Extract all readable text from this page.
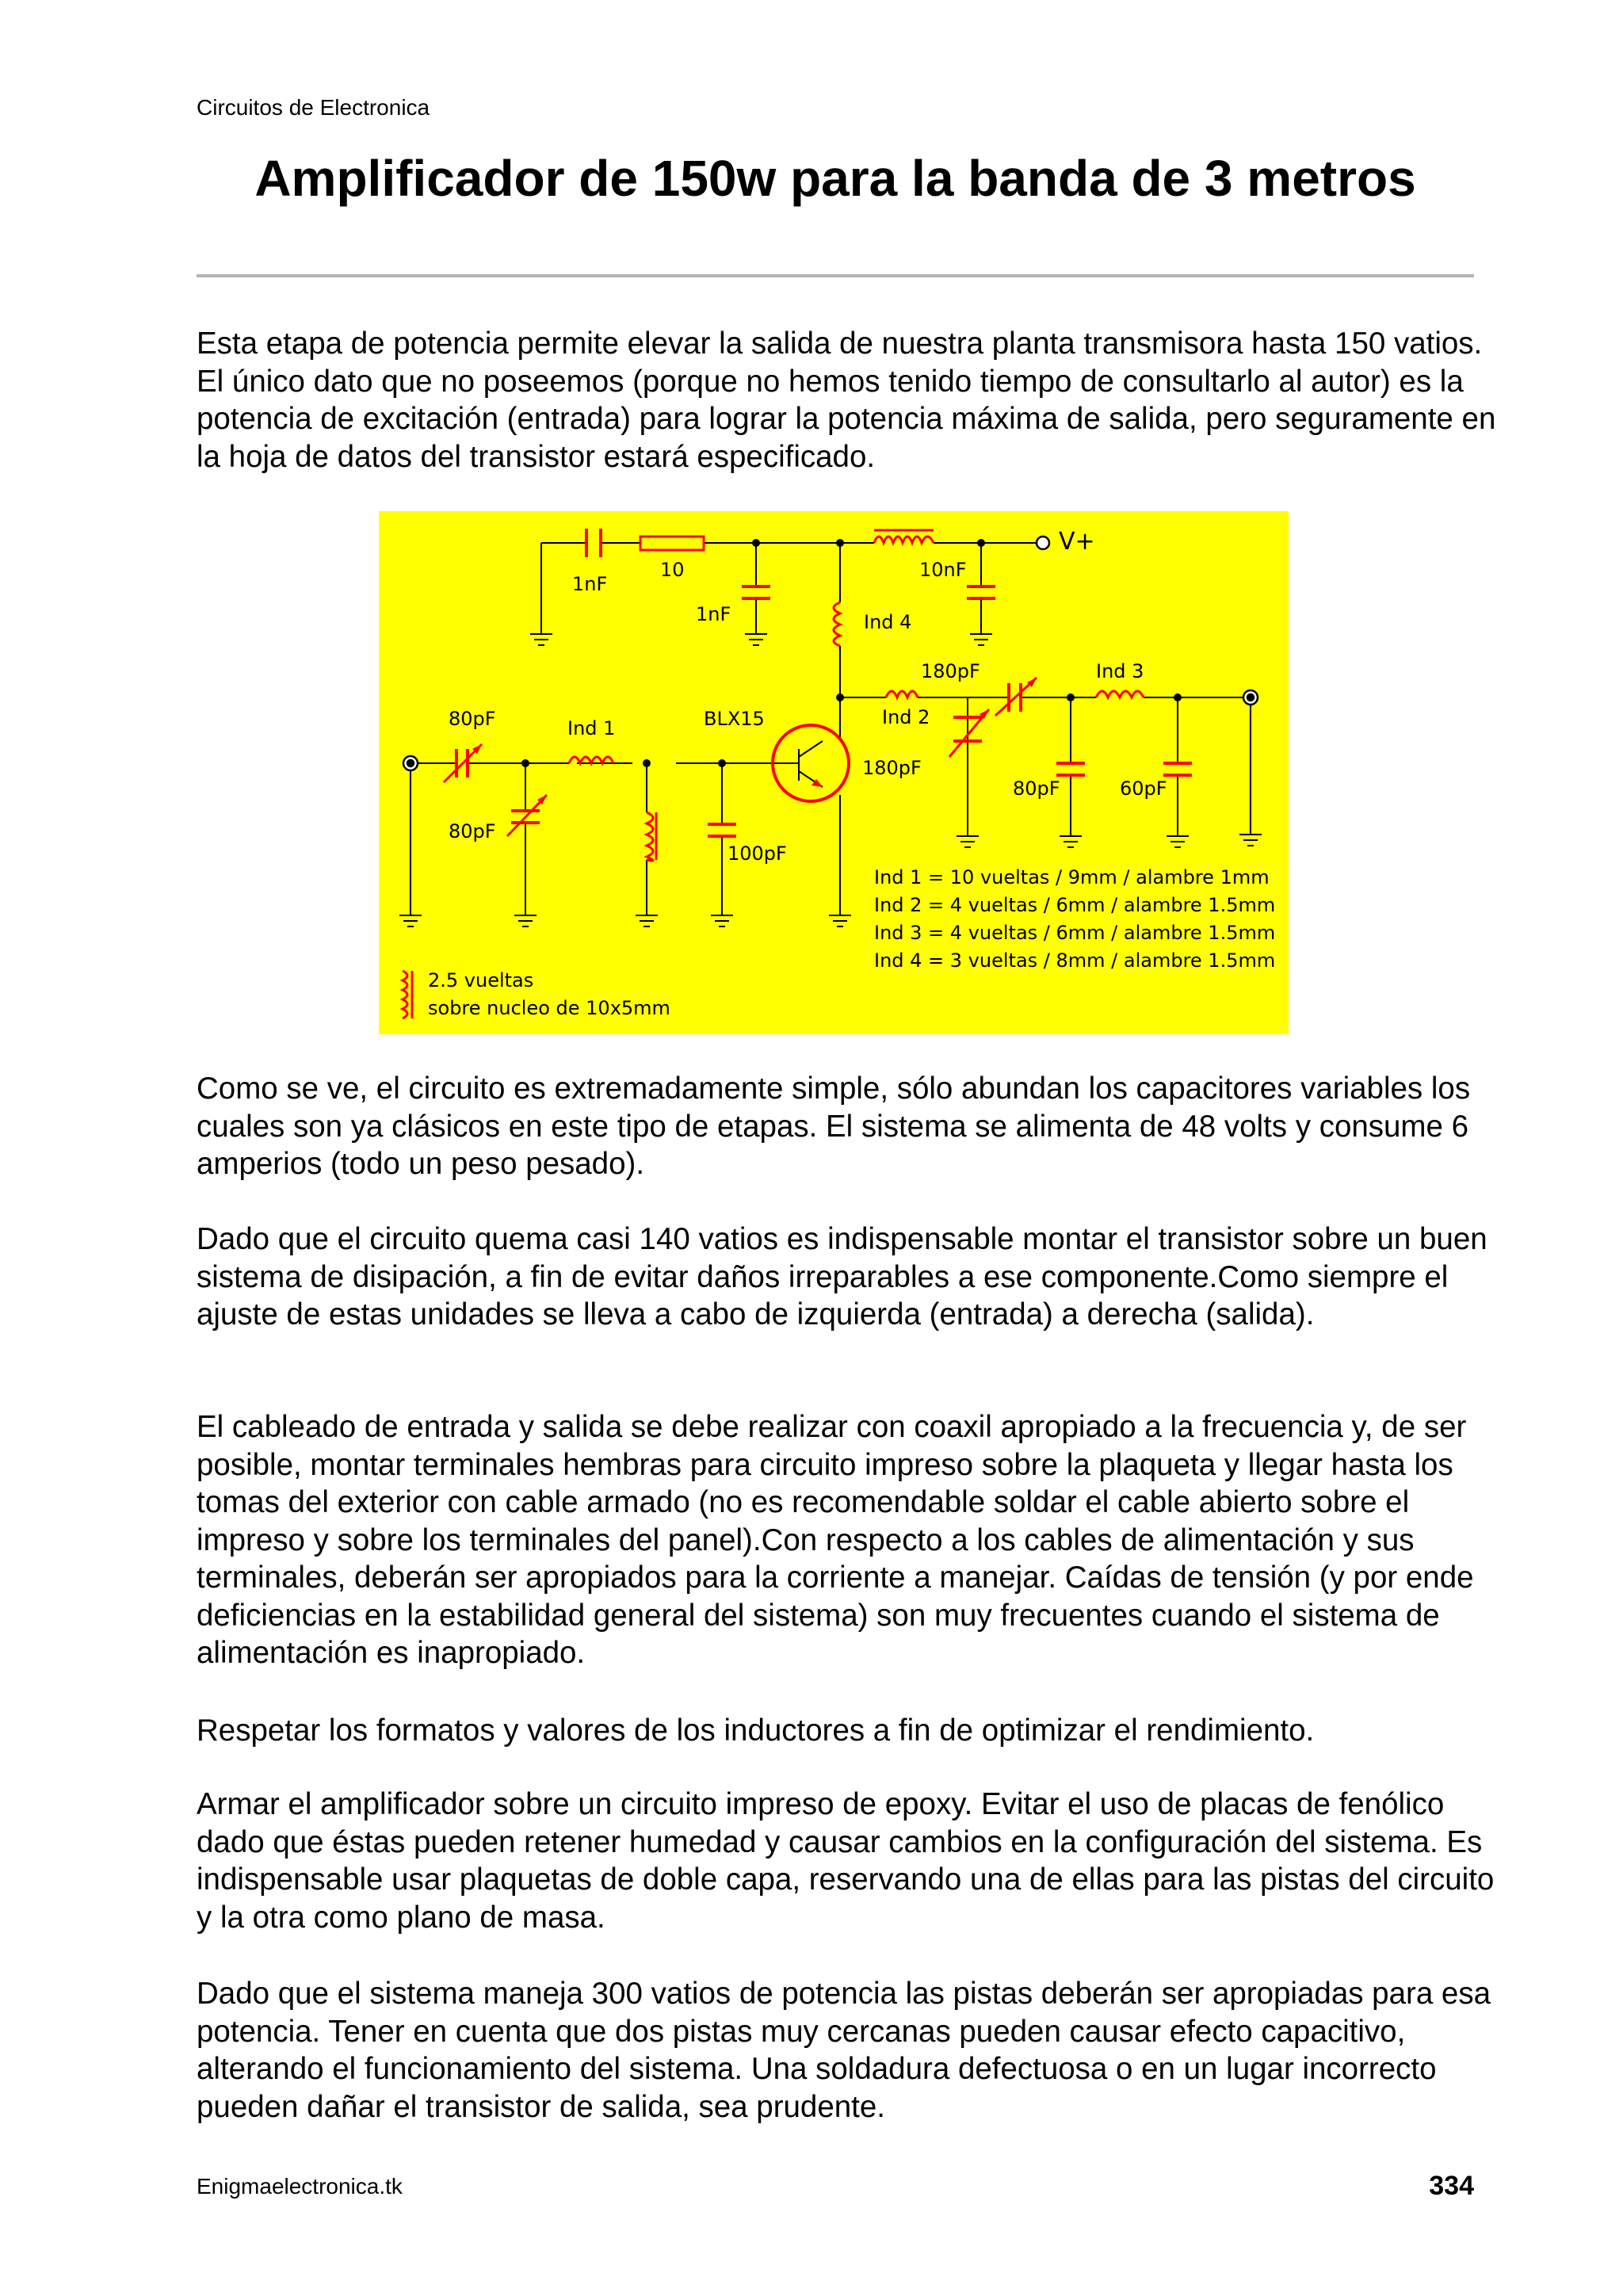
Circuitos de Electronica
Amplificador de 150w para la banda de 3 metros

Esta etapa de potencia permite elevar la salida de nuestra planta transmisora hasta 150 vatios. El único dato que no poseemos (porque no hemos tenido tiempo de consultarlo al autor) es la potencia de excitación (entrada) para lograr la potencia máxima de salida, pero seguramente en la hoja de datos del transistor estará especificado.

V+
1nF
10
1nF
10nF
Ind 4
180pF	Ind 3
Ind 2
180pF
80pF	60pF
80pF	Ind 1	BLX15
80pF
100pF
Ind 1 = 10 vueltas / 9mm / alambre 1mm
Ind 2 = 4 vueltas / 6mm / alambre 1.5mm
Ind 3 = 4 vueltas / 6mm / alambre 1.5mm
Ind 4 = 3 vueltas / 8mm / alambre 1.5mm
2.5 vueltas
sobre nucleo de 10x5mm

Como se ve, el circuito es extremadamente simple, sólo abundan los capacitores variables los cuales son ya clásicos en este tipo de etapas. El sistema se alimenta de 48 volts y consume 6 amperios (todo un peso pesado).

Dado que el circuito quema casi 140 vatios es indispensable montar el transistor sobre un buen sistema de disipación, a fin de evitar daños irreparables a ese componente.Como siempre el ajuste de estas unidades se lleva a cabo de izquierda (entrada) a derecha (salida).

El cableado de entrada y salida se debe realizar con coaxil apropiado a la frecuencia y, de ser posible, montar terminales hembras para circuito impreso sobre la plaqueta y llegar hasta los tomas del exterior con cable armado (no es recomendable soldar el cable abierto sobre el impreso y sobre los terminales del panel).Con respecto a los cables de alimentación y sus terminales, deberán ser apropiados para la corriente a manejar. Caídas de tensión (y por ende deficiencias en la estabilidad general del sistema) son muy frecuentes cuando el sistema de alimentación es inapropiado.

Respetar los formatos y valores de los inductores a fin de optimizar el rendimiento.

Armar el amplificador sobre un circuito impreso de epoxy. Evitar el uso de placas de fenólico dado que éstas pueden retener humedad y causar cambios en la configuración del sistema. Es indispensable usar plaquetas de doble capa, reservando una de ellas para las pistas del circuito y la otra como plano de masa.

Dado que el sistema maneja 300 vatios de potencia las pistas deberán ser apropiadas para esa potencia. Tener en cuenta que dos pistas muy cercanas pueden causar efecto capacitivo, alterando el funcionamiento del sistema. Una soldadura defectuosa o en un lugar incorrecto pueden dañar el transistor de salida, sea prudente.

Enigmaelectronica.tk	334
